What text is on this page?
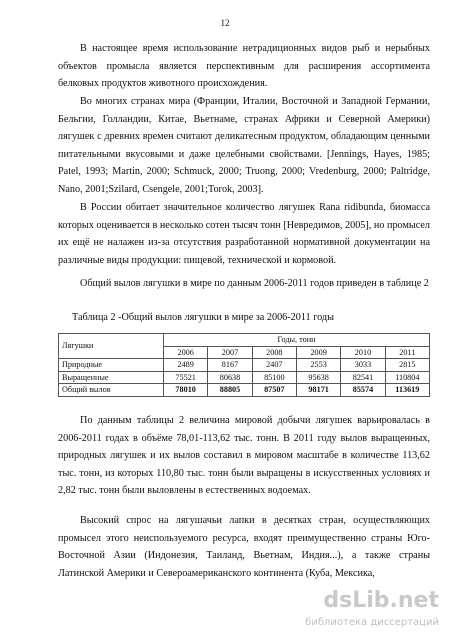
12

В настоящее время использование нетрадиционных видов рыб и нерыбных объектов промысла является перспективным для расширения ассортимента белковых продуктов животного происхождения.

Во многих странах мира (Франции, Италии, Восточной и Западной Германии, Бельгии, Голландии, Китае, Вьетнаме, странах Африки и Северной Америки) лягушек с древних времен считают деликатесным продуктом, обладающим ценными питательными вкусовыми и даже целебными свойствами. [Jennings, Hayes, 1985; Patel, 1993; Martin, 2000; Schmuck, 2000; Truong, 2000; Vredenburg, 2000; Paltridge, Nano, 2001;Szilard, Csengele, 2001;Torok, 2003].

В России обитает значительное количество лягушек Rana ridibunda, биомасса которых оценивается в несколько сотен тысяч тонн [Невредимов, 2005], но промысел их ещё не налажен из-за отсутствия разработанной нормативной документации на различные виды продукции: пищевой, технической и кормовой.

Общий вылов лягушки в мире по данным 2006-2011 годов приведен в таблице 2

Таблица 2 -Общий вылов лягушки в мире за 2006-2011 годы
Лягушки	Годы, тонн					
	2006	2007	2008	2009	2010	2011
Природные	2489	8167	2407	2553	3033	2815
Выращенные	75521	80638	85100	95638	82541	110804
Общий вылов	78010	88805	87507	98171	85574	113619

По данным таблицы 2 величина мировой добычи лягушек варьировалась в 2006-2011 годах в объёме 78,01-113,62 тыс. тонн. В 2011 году вылов выращенных, природных лягушек и их вылов составил в мировом масштабе в количестве 113,62 тыс. тонн, из которых 110,80 тыс. тонн были выращены в искусственных условиях и 2,82 тыс. тонн были выловлены в естественных водоемах.

Высокий спрос на лягушачьи лапки в десятках стран, осуществляющих промысел этого неиспользуемого ресурса, входят преимущественно страны Юго-Восточной Азии (Индонезия, Таиланд, Вьетнам, Индия...), а также страны Латинской Америки и Североамериканского континента (Куба, Мексика,

dsLib.net
библиотека диссертаций
